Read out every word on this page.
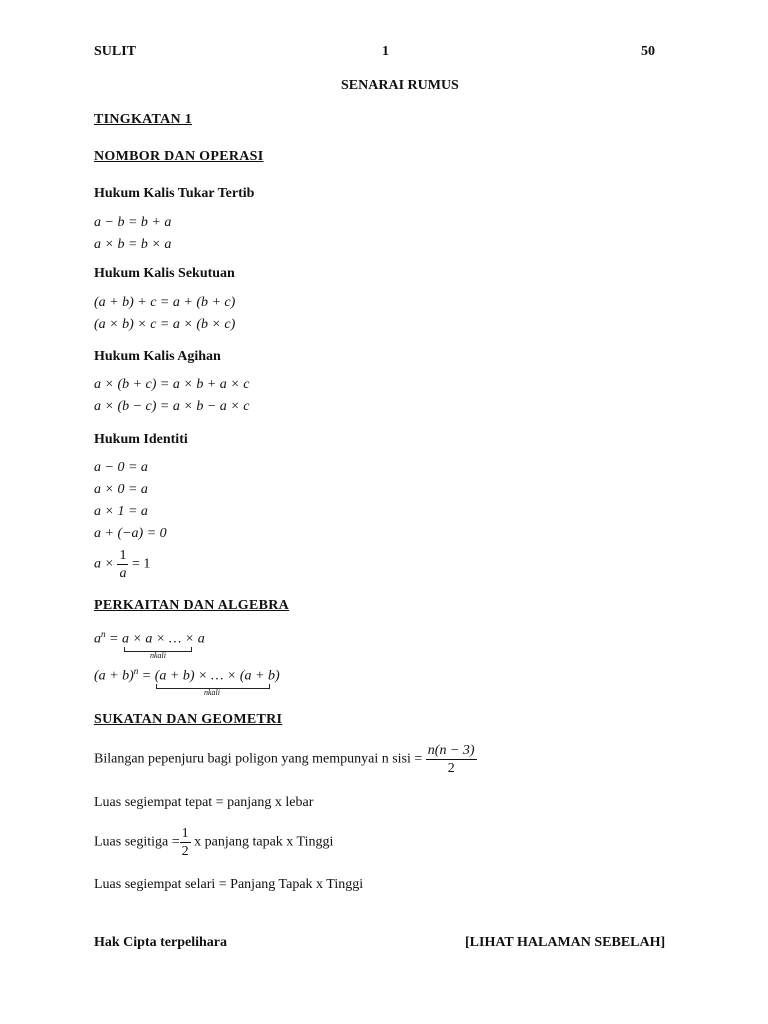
SULIT	1	50
SENARAI RUMUS
TINGKATAN 1
NOMBOR DAN OPERASI
Hukum Kalis Tukar Tertib
a − b = b + a
a × b = b × a
Hukum Kalis Sekutuan
(a + b) + c = a + (b + c)
(a × b) × c = a × (b × c)
Hukum Kalis Agihan
a × (b + c) = a × b + a × c
a × (b − c) = a × b − a × c
Hukum Identiti
a − 0 = a
a × 0 = a
a × 1 = a
a + (−a) = 0
$a \times \frac{1}{a} = 1$
PERKAITAN DAN ALGEBRA
$a^n = a \times a$ × … × a
nkali
$(a + b)^n = (a + b)$ × … × (a + b)
nkali
SUKATAN DAN GEOMETRI
Bilangan pepenjuru bagi poligon yang mempunyai n sisi = $\frac{n(n - 3)}{2}$
Luas segiempat tepat = panjang x lebar
Luas segitiga = $\frac{1}{2}$ x panjang tapak x Tinggi
Luas segiempat selari = Panjang Tapak x Tinggi
Hak Cipta terpelihara	[LIHAT HALAMAN SEBELAH]
